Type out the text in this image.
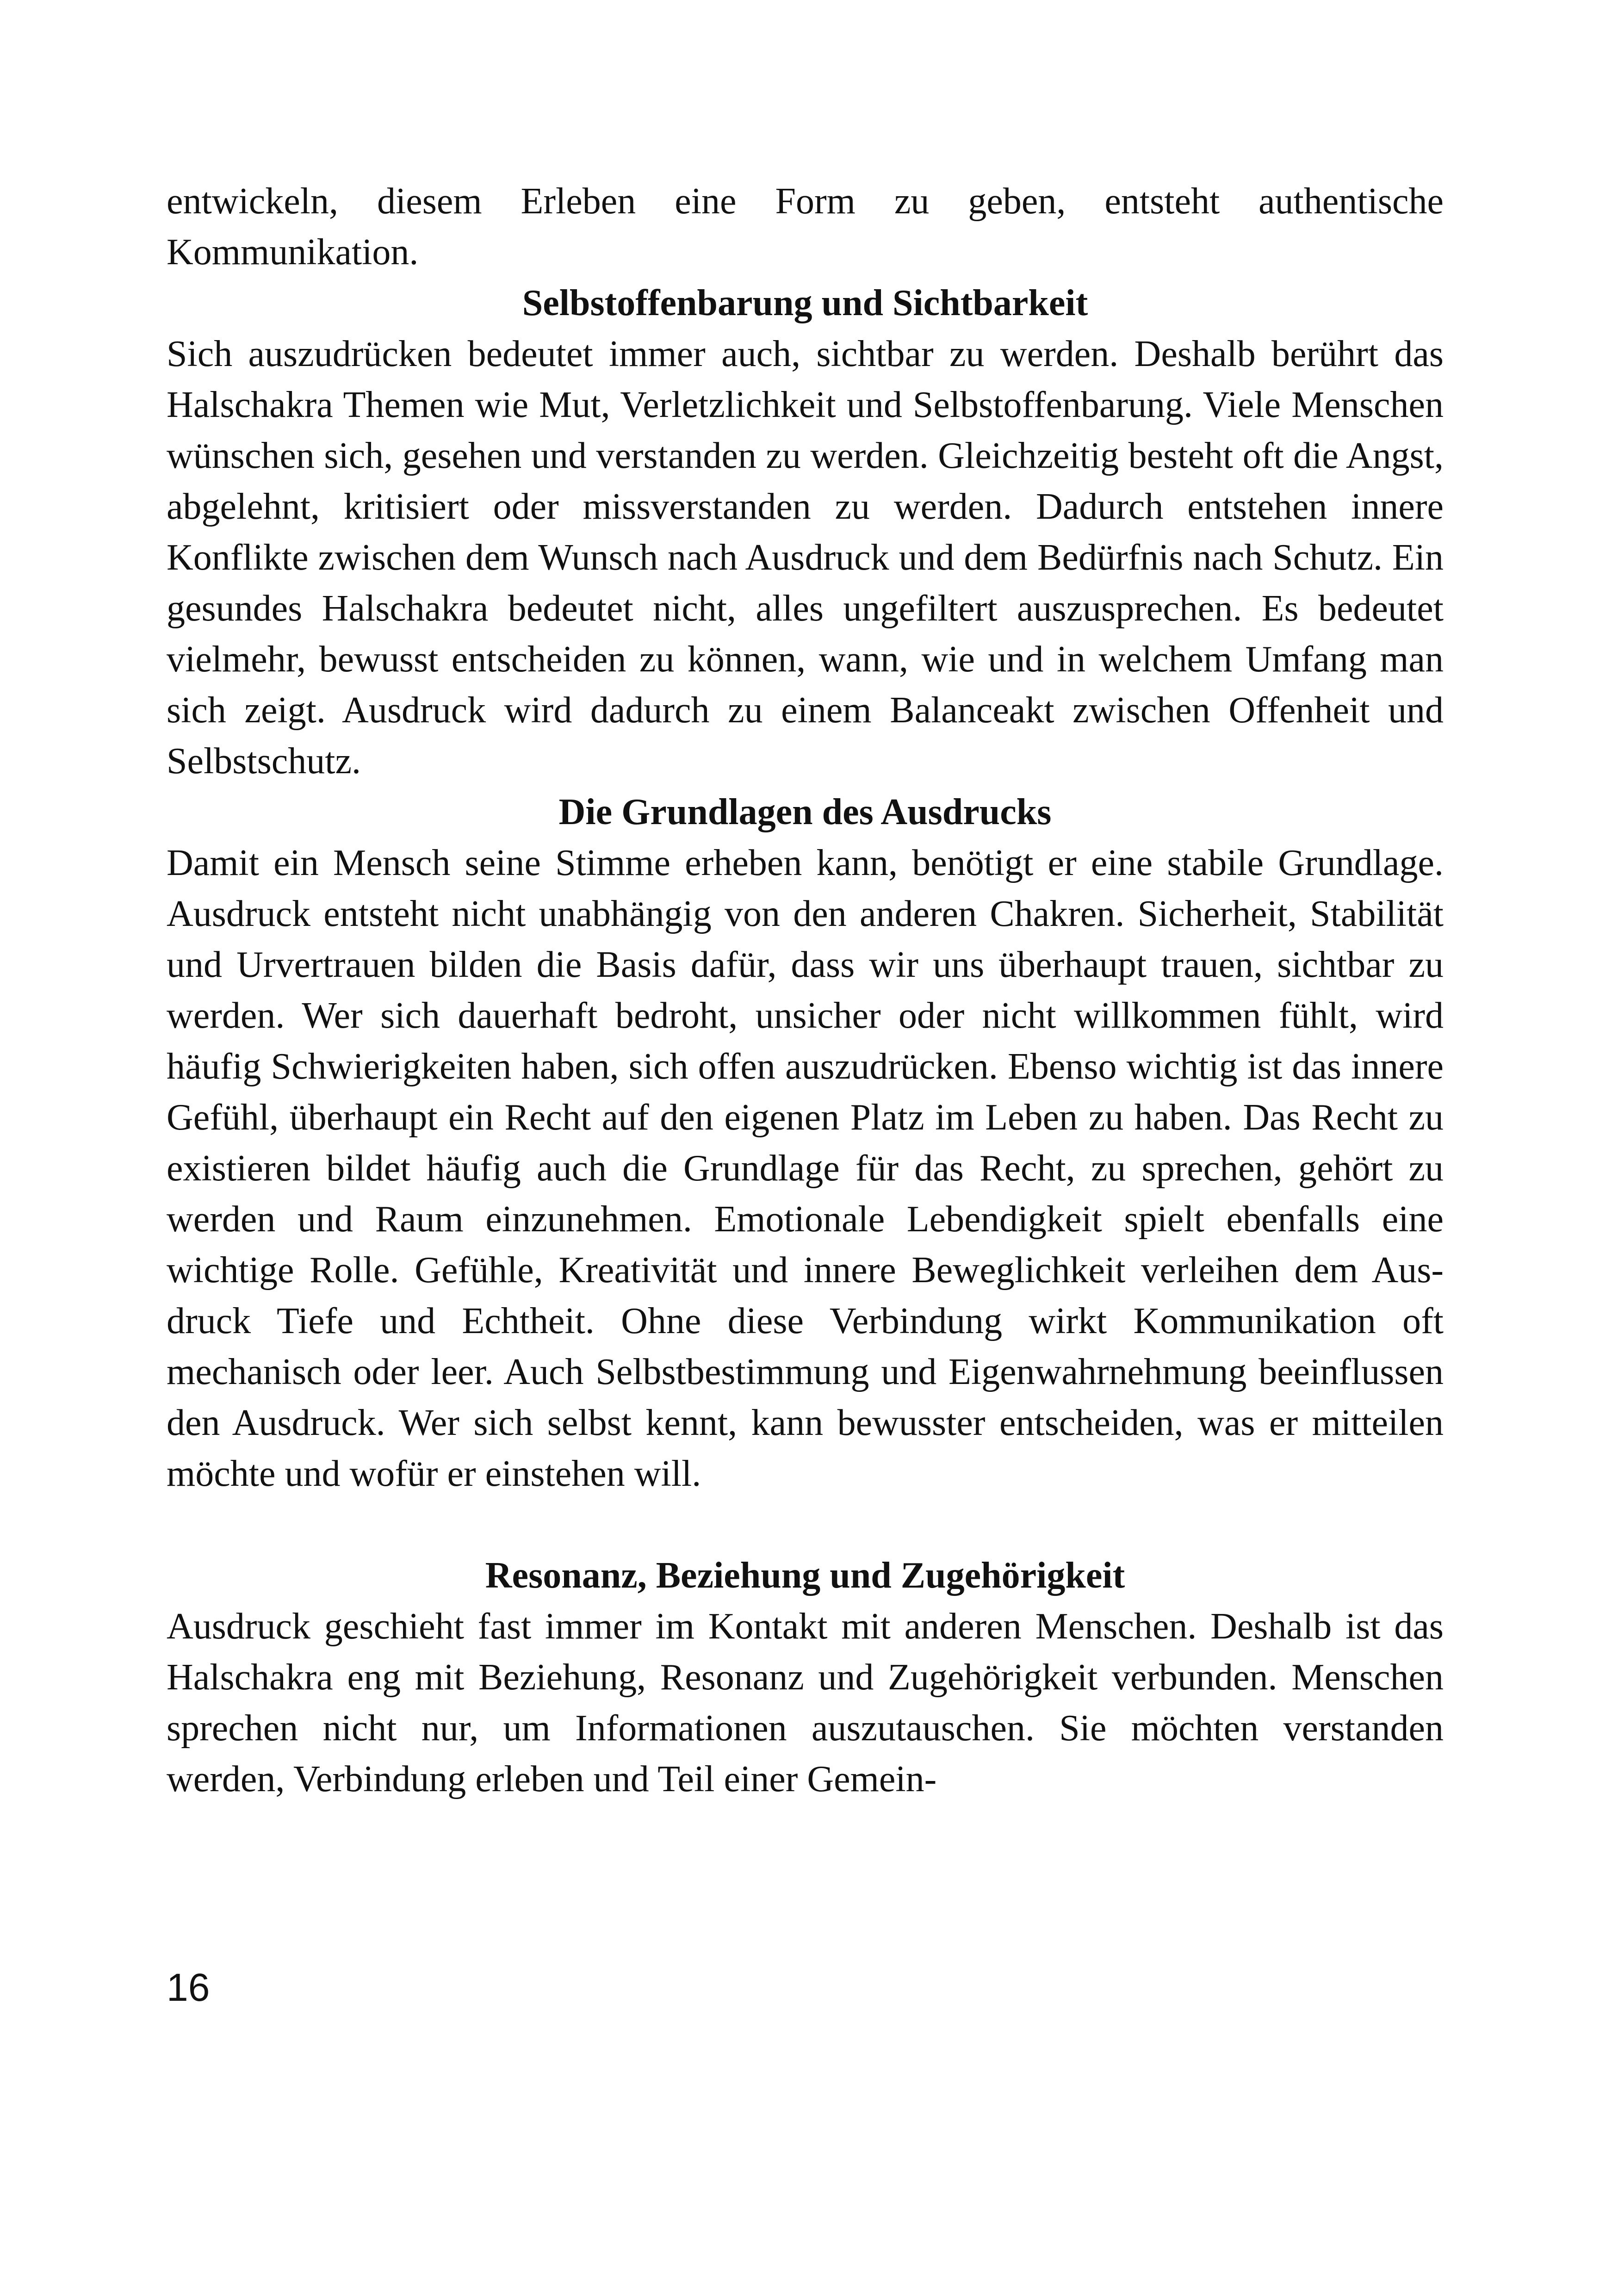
entwickeln, diesem Erleben eine Form zu geben, entsteht authentische Kommunikation.

Selbstoffenbarung und Sichtbarkeit

Sich auszudrücken bedeutet immer auch, sichtbar zu werden. Deshalb berührt das Halschakra Themen wie Mut, Verletzlichkeit und Selbstoffenbarung. Viele Menschen wünschen sich, gesehen und verstanden zu werden. Gleichzeitig besteht oft die Angst, abgelehnt, kritisiert oder missverstanden zu werden. Dadurch entstehen innere Konflikte zwischen dem Wunsch nach Ausdruck und dem Bedürfnis nach Schutz. Ein gesundes Halschakra bedeutet nicht, alles ungefiltert auszusprechen. Es bedeutet vielmehr, bewusst entscheiden zu können, wann, wie und in welchem Umfang man sich zeigt. Ausdruck wird dadurch zu einem Balanceakt zwischen Offenheit und Selbstschutz.

Die Grundlagen des Ausdrucks

Damit ein Mensch seine Stimme erheben kann, benötigt er eine stabile Grundlage. Ausdruck entsteht nicht unabhängig von den anderen Chakren. Sicherheit, Stabilität und Urvertrauen bilden die Basis dafür, dass wir uns überhaupt trauen, sichtbar zu werden. Wer sich dauerhaft bedroht, unsicher oder nicht willkommen fühlt, wird häufig Schwierigkeiten haben, sich offen auszudrücken. Ebenso wichtig ist das innere Gefühl, überhaupt ein Recht auf den eigenen Platz im Leben zu haben. Das Recht zu existieren bildet häufig auch die Grundlage für das Recht, zu sprechen, gehört zu werden und Raum einzunehmen. Emotionale Lebendigkeit spielt ebenfalls eine wichtige Rolle. Gefühle, Kreativität und innere Beweglichkeit verleihen dem Ausdruck Tiefe und Echtheit. Ohne diese Verbindung wirkt Kommunikation oft mechanisch oder leer. Auch Selbstbestimmung und Eigenwahrnehmung beeinflussen den Ausdruck. Wer sich selbst kennt, kann bewusster entscheiden, was er mitteilen möchte und wofür er einstehen will.

Resonanz, Beziehung und Zugehörigkeit

Ausdruck geschieht fast immer im Kontakt mit anderen Menschen. Deshalb ist das Halschakra eng mit Beziehung, Resonanz und Zugehörigkeit verbunden. Menschen sprechen nicht nur, um Informationen auszutauschen. Sie möchten verstanden werden, Verbindung erleben und Teil einer Gemein-

16
